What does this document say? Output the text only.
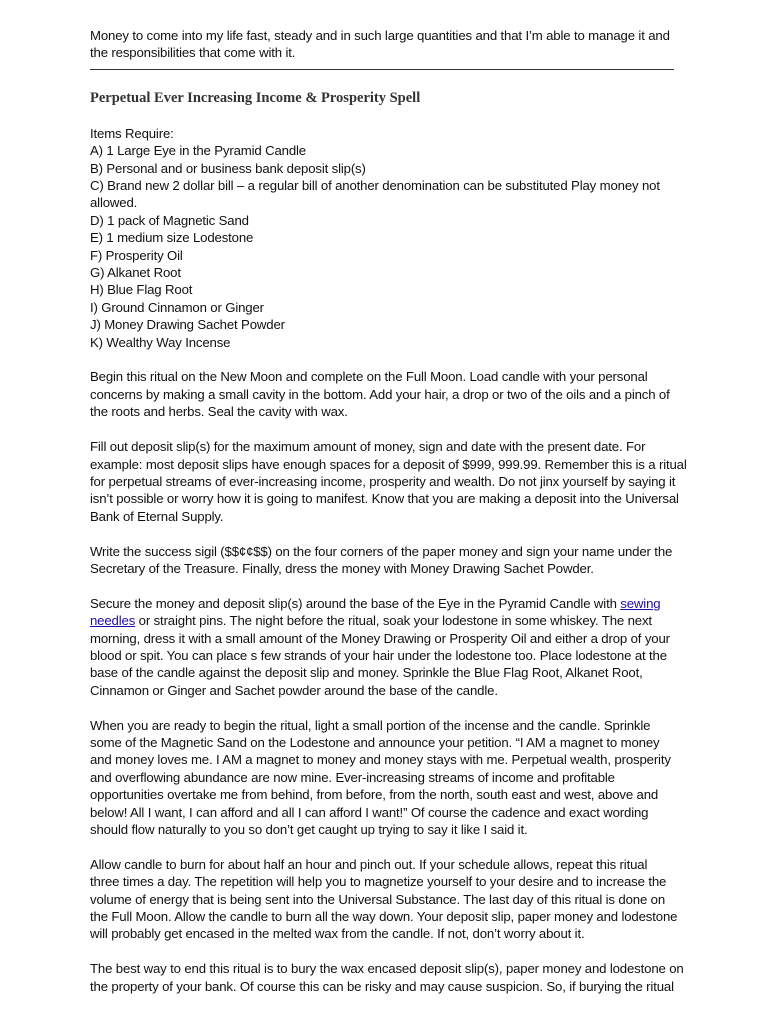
Money to come into my life fast, steady and in such large quantities and that I’m able to manage it and
the responsibilities that come with it.

Perpetual Ever Increasing Income & Prosperity Spell

Items Require:
A) 1 Large Eye in the Pyramid Candle
B) Personal and or business bank deposit slip(s)
C) Brand new 2 dollar bill – a regular bill of another denomination can be substituted Play money not
allowed.
D) 1 pack of Magnetic Sand
E) 1 medium size Lodestone
F) Prosperity Oil
G) Alkanet Root
H) Blue Flag Root
I) Ground Cinnamon or Ginger
J) Money Drawing Sachet Powder
K) Wealthy Way Incense

Begin this ritual on the New Moon and complete on the Full Moon. Load candle with your personal
concerns by making a small cavity in the bottom. Add your hair, a drop or two of the oils and a pinch of
the roots and herbs. Seal the cavity with wax.

Fill out deposit slip(s) for the maximum amount of money, sign and date with the present date. For
example: most deposit slips have enough spaces for a deposit of $999, 999.99. Remember this is a ritual
for perpetual streams of ever-increasing income, prosperity and wealth. Do not jinx yourself by saying it
isn’t possible or worry how it is going to manifest. Know that you are making a deposit into the Universal
Bank of Eternal Supply.

Write the success sigil ($$¢¢$$) on the four corners of the paper money and sign your name under the
Secretary of the Treasure. Finally, dress the money with Money Drawing Sachet Powder.

Secure the money and deposit slip(s) around the base of the Eye in the Pyramid Candle with sewing
needles or straight pins. The night before the ritual, soak your lodestone in some whiskey. The next
morning, dress it with a small amount of the Money Drawing or Prosperity Oil and either a drop of your
blood or spit. You can place s few strands of your hair under the lodestone too. Place lodestone at the
base of the candle against the deposit slip and money. Sprinkle the Blue Flag Root, Alkanet Root,
Cinnamon or Ginger and Sachet powder around the base of the candle.

When you are ready to begin the ritual, light a small portion of the incense and the candle. Sprinkle
some of the Magnetic Sand on the Lodestone and announce your petition. “I AM a magnet to money
and money loves me. I AM a magnet to money and money stays with me. Perpetual wealth, prosperity
and overflowing abundance are now mine. Ever-increasing streams of income and profitable
opportunities overtake me from behind, from before, from the north, south east and west, above and
below! All I want, I can afford and all I can afford I want!” Of course the cadence and exact wording
should flow naturally to you so don’t get caught up trying to say it like I said it.

Allow candle to burn for about half an hour and pinch out. If your schedule allows, repeat this ritual
three times a day. The repetition will help you to magnetize yourself to your desire and to increase the
volume of energy that is being sent into the Universal Substance. The last day of this ritual is done on
the Full Moon. Allow the candle to burn all the way down. Your deposit slip, paper money and lodestone
will probably get encased in the melted wax from the candle. If not, don’t worry about it.

The best way to end this ritual is to bury the wax encased deposit slip(s), paper money and lodestone on
the property of your bank. Of course this can be risky and may cause suspicion. So, if burying the ritual
